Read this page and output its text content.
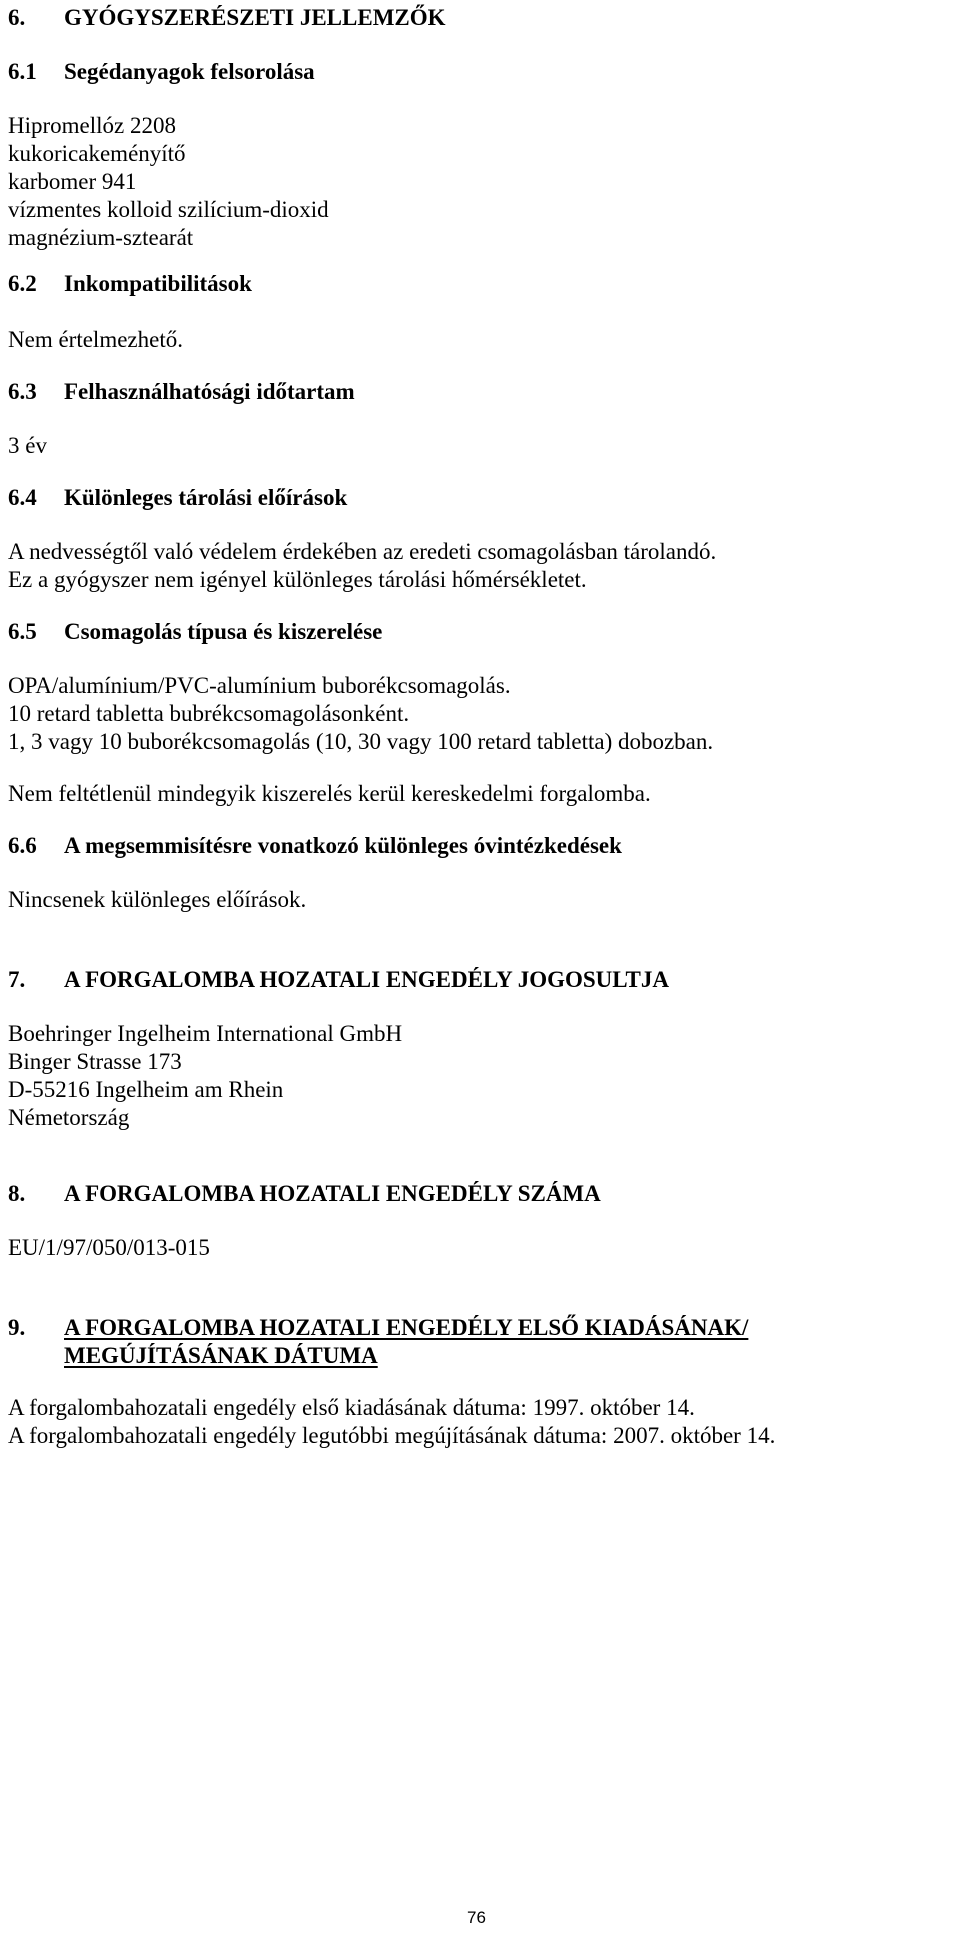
6. GYÓGYSZERÉSZETI JELLEMZŐK
6.1 Segédanyagok felsorolása
Hipromellóz 2208
kukoricakeményítő
karbomer 941
vízmentes kolloid szilícium-dioxid
magnézium-sztearát
6.2 Inkompatibilitások
Nem értelmezhető.
6.3 Felhasználhatósági időtartam
3 év
6.4 Különleges tárolási előírások
A nedvességtől való védelem érdekében az eredeti csomagolásban tárolandó.
Ez a gyógyszer nem igényel különleges tárolási hőmérsékletet.
6.5 Csomagolás típusa és kiszerelése
OPA/alumínium/PVC-alumínium buborékcsomagolás.
10 retard tabletta bubrékcsomagolásonként.
1, 3 vagy 10 buborékcsomagolás (10, 30 vagy 100 retard tabletta) dobozban.
Nem feltétlenül mindegyik kiszerelés kerül kereskedelmi forgalomba.
6.6 A megsemmisítésre vonatkozó különleges óvintézkedések
Nincsenek különleges előírások.
7. A FORGALOMBA HOZATALI ENGEDÉLY JOGOSULTJA
Boehringer Ingelheim International GmbH
Binger Strasse 173
D-55216 Ingelheim am Rhein
Németország
8. A FORGALOMBA HOZATALI ENGEDÉLY SZÁMA
EU/1/97/050/013-015
9. A FORGALOMBA HOZATALI ENGEDÉLY ELSŐ KIADÁSÁNAK/
MEGÚJÍTÁSÁNAK DÁTUMA
A forgalombahozatali engedély első kiadásának dátuma: 1997. október 14.
A forgalombahozatali engedély legutóbbi megújításának dátuma: 2007. október 14.
76
